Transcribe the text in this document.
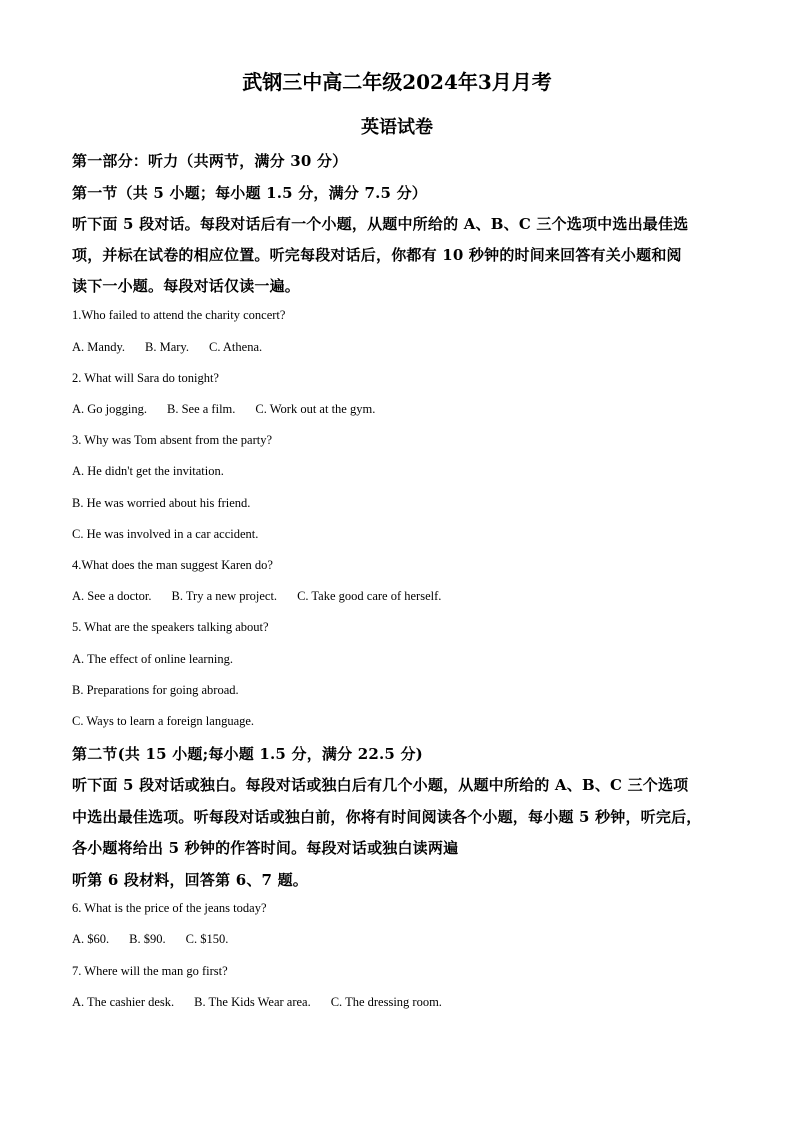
武钢三中高二年级2024年3月月考
英语试卷
第一部分：听力（共两节，满分 30 分）
第一节（共 5 小题；每小题 1.5 分，满分 7.5 分）
听下面 5 段对话。每段对话后有一个小题，从题中所给的 A、B、C 三个选项中选出最佳选
项，并标在试卷的相应位置。听完每段对话后，你都有 10 秒钟的时间来回答有关小题和阅
读下一小题。每段对话仅读一遍。
1.Who failed to attend the charity concert?
A. Mandy. B. Mary. C. Athena.
2. What will Sara do tonight?
A. Go jogging. B. See a film. C. Work out at the gym.
3. Why was Tom absent from the party?
A. He didn't get the invitation.
B. He was worried about his friend.
C. He was involved in a car accident.
4.What does the man suggest Karen do?
A. See a doctor. B. Try a new project. C. Take good care of herself.
5. What are the speakers talking about?
A. The effect of online learning.
B. Preparations for going abroad.
C. Ways to learn a foreign language.
第二节(共 15 小题;每小题 1.5 分，满分 22.5 分)
听下面 5 段对话或独白。每段对话或独白后有几个小题，从题中所给的 A、B、C 三个选项
中选出最佳选项。听每段对话或独白前，你将有时间阅读各个小题，每小题 5 秒钟，听完后，
各小题将给出 5 秒钟的作答时间。每段对话或独白读两遍
听第 6 段材料，回答第 6、7 题。
6. What is the price of the jeans today?
A. $60. B. $90. C. $150.
7. Where will the man go first?
A. The cashier desk. B. The Kids Wear area. C. The dressing room.
